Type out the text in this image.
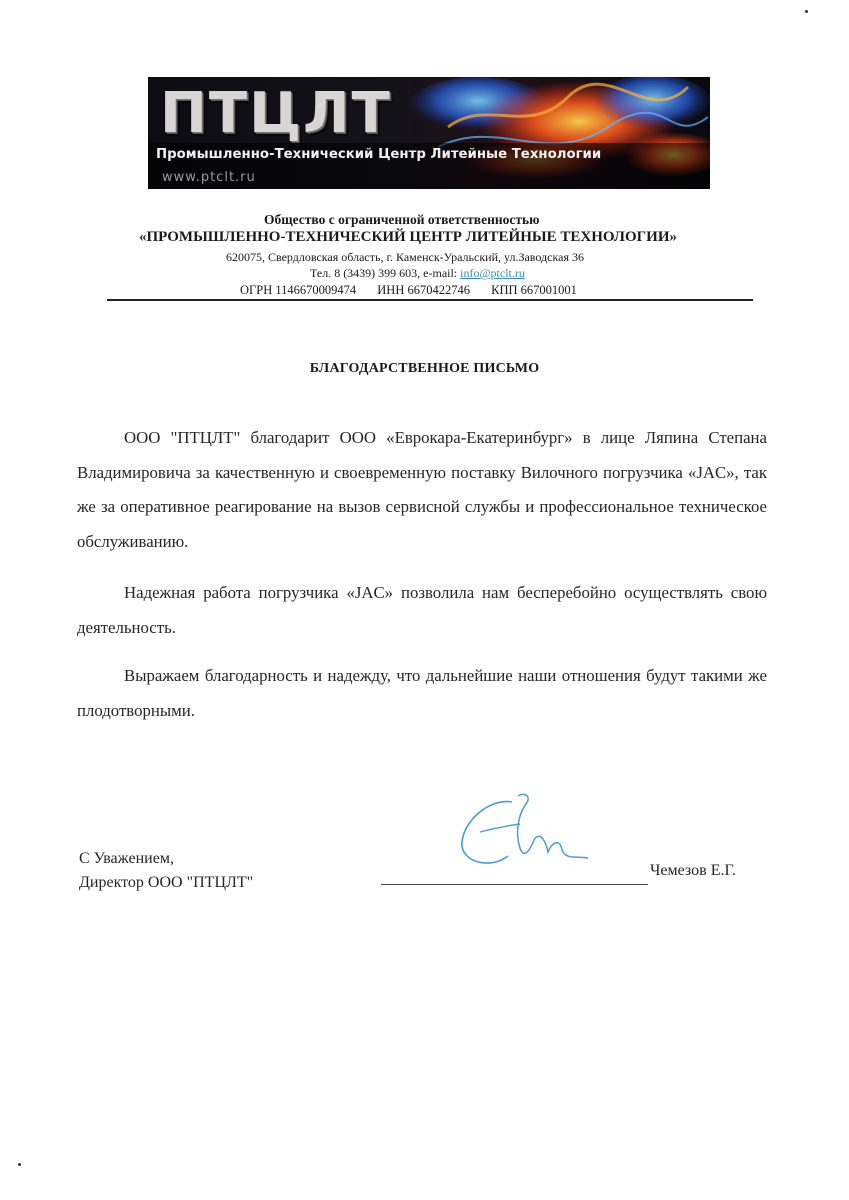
ПТЦЛТ
Промышленно-Технический Центр Литейные Технологии
www.ptclt.ru
Общество с ограниченной ответственностью
«ПРОМЫШЛЕННО-ТЕХНИЧЕСКИЙ ЦЕНТР ЛИТЕЙНЫЕ ТЕХНОЛОГИИ»
620075, Свердловская область, г. Каменск-Уральский, ул.Заводская 36
Тел. 8 (3439) 399 603, e-mail: info@ptclt.ru
ОГРН 1146670009474 ИНН 6670422746 КПП 667001001
БЛАГОДАРСТВЕННОЕ ПИСЬМО

ООО "ПТЦЛТ" благодарит ООО «Еврокара-Екатеринбург» в лице Ляпина Степана Владимировича за качественную и своевременную поставку Вилочного погрузчика «JAC», так же за оперативное реагирование на вызов сервисной службы и профессиональное техническое обслуживанию.

Надежная работа погрузчика «JAC» позволила нам бесперебойно осуществлять свою деятельность.

Выражаем благодарность и надежду, что дальнейшие наши отношения будут такими же плодотворными.

С Уважением,
Директор ООО "ПТЦЛТ"
Чемезов Е.Г.
